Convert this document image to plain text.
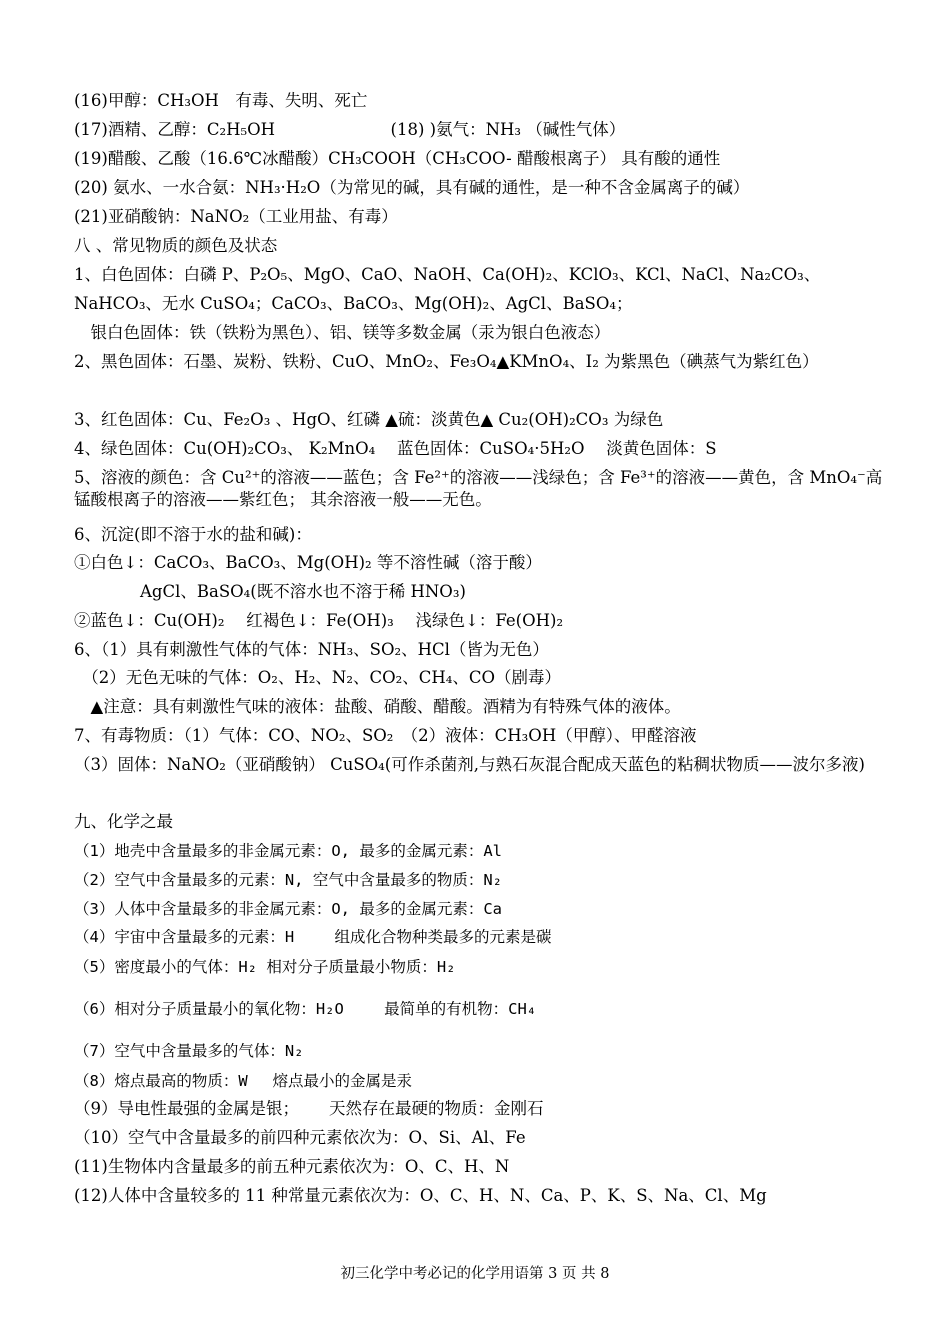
(16)甲醇：CH₃OH　有毒、失明、死亡
(17)酒精、乙醇：C₂H₅OH　　　　　　　(18) )氨气：NH₃ （碱性气体）
(19)醋酸、乙酸（16.6℃冰醋酸）CH₃COOH（CH₃COO- 醋酸根离子） 具有酸的通性
(20) 氨水、一水合氨：NH₃·H₂O（为常见的碱，具有碱的通性，是一种不含金属离子的碱）
(21)亚硝酸钠：NaNO₂（工业用盐、有毒）
八 、常见物质的颜色及状态
1、白色固体：白磷 P、P₂O₅、MgO、CaO、NaOH、Ca(OH)₂、KClO₃、KCl、NaCl、Na₂CO₃、
NaHCO₃、无水 CuSO₄；CaCO₃、BaCO₃、Mg(OH)₂、AgCl、BaSO₄；
　银白色固体：铁（铁粉为黑色）、铝、镁等多数金属（汞为银白色液态）
2、黑色固体：石墨、炭粉、铁粉、CuO、MnO₂、Fe₃O₄▲KMnO₄、I₂ 为紫黑色（碘蒸气为紫红色）
3、红色固体：Cu、Fe₂O₃ 、HgO、红磷 ▲硫：淡黄色▲ Cu₂(OH)₂CO₃ 为绿色
4、绿色固体：Cu(OH)₂CO₃、 K₂MnO₄　 蓝色固体：CuSO₄·5H₂O　 淡黄色固体：S
5、溶液的颜色：含 Cu²⁺的溶液——蓝色；含 Fe²⁺的溶液——浅绿色；含 Fe³⁺的溶液——黄色，含 MnO₄⁻高锰酸根离子的溶液——紫红色； 其余溶液一般——无色。
6、沉淀(即不溶于水的盐和碱)：
①白色↓：CaCO₃、BaCO₃、Mg(OH)₂ 等不溶性碱（溶于酸）
　　　　AgCl、BaSO₄(既不溶水也不溶于稀 HNO₃)
②蓝色↓：Cu(OH)₂　 红褐色↓：Fe(OH)₃　 浅绿色↓：Fe(OH)₂
6、（1）具有刺激性气体的气体：NH₃、SO₂、HCl（皆为无色）
　（2）无色无味的气体：O₂、H₂、N₂、CO₂、CH₄、CO（剧毒）
　▲注意：具有刺激性气味的液体：盐酸、硝酸、醋酸。酒精为有特殊气体的液体。
7、有毒物质：（1）气体：CO、NO₂、SO₂　（2）液体：CH₃OH（甲醇）、甲醛溶液
（3）固体：NaNO₂（亚硝酸钠） CuSO₄(可作杀菌剂,与熟石灰混合配成天蓝色的粘稠状物质——波尔多液)
九、化学之最
（1）地壳中含量最多的非金属元素：O, 最多的金属元素：Al
（2）空气中含量最多的元素：N, 空气中含量最多的物质：N₂
（3）人体中含量最多的非金属元素：O, 最多的金属元素：Ca
（4）宇宙中含量最多的元素：H　　 组成化合物种类最多的元素是碳
（5）密度最小的气体：H₂ 相对分子质量最小物质：H₂
（6）相对分子质量最小的氧化物：H₂O　　 最简单的有机物：CH₄
（7）空气中含量最多的气体：N₂
（8）熔点最高的物质：W　 熔点最小的金属是汞
（9）导电性最强的金属是银；　　 天然存在最硬的物质：金刚石
（10）空气中含量最多的前四种元素依次为：O、Si、Al、Fe
(11)生物体内含量最多的前五种元素依次为：O、C、H、N
(12)人体中含量较多的 11 种常量元素依次为：O、C、H、N、Ca、P、K、S、Na、Cl、Mg
初三化学中考必记的化学用语第 3 页 共 8
